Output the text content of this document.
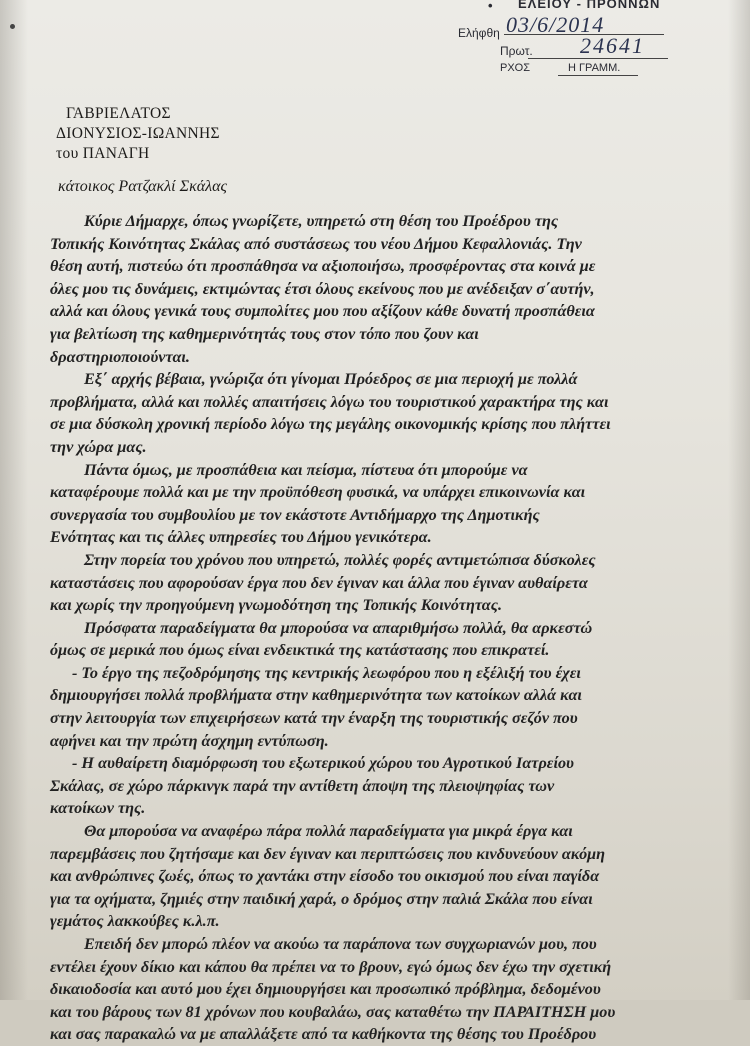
• ΕΛΕΙΟΥ - ΠΡΟΝΝΩΝ
Ελήφθη 03/6/2014
Πρωτ. 24641
ΡΧΟΣ	Η ΓΡΑΜΜ.
ΓΑΒΡΙΕΛΑΤΟΣ
ΔΙΟΝΥΣΙΟΣ-ΙΩΑΝΝΗΣ
του ΠΑΝΑΓΗ
κάτοικος Ρατζακλί Σκάλας
Κύριε Δήμαρχε, όπως γνωρίζετε, υπηρετώ στη θέση του Προέδρου της
Τοπικής Κοινότητας Σκάλας από συστάσεως του νέου Δήμου Κεφαλλονιάς. Την
θέση αυτή, πιστεύω ότι προσπάθησα να αξιοποιήσω, προσφέροντας στα κοινά με
όλες μου τις δυνάμεις, εκτιμώντας έτσι όλους εκείνους που με ανέδειξαν σ΄αυτήν,
αλλά και όλους γενικά τους συμπολίτες μου που αξίζουν κάθε δυνατή προσπάθεια
για βελτίωση της καθημερινότητάς τους στον τόπο που ζουν και
δραστηριοποιούνται.
Εξ΄ αρχής βέβαια, γνώριζα ότι γίνομαι Πρόεδρος σε μια περιοχή με πολλά
προβλήματα, αλλά και πολλές απαιτήσεις λόγω του τουριστικού χαρακτήρα της και
σε μια δύσκολη χρονική περίοδο λόγω της μεγάλης οικονομικής κρίσης που πλήττει
την χώρα μας.
Πάντα όμως, με προσπάθεια και πείσμα, πίστευα ότι μπορούμε να
καταφέρουμε πολλά και με την προϋπόθεση φυσικά, να υπάρχει επικοινωνία και
συνεργασία του συμβουλίου με τον εκάστοτε Αντιδήμαρχο της Δημοτικής
Ενότητας και τις άλλες υπηρεσίες του Δήμου γενικότερα.
Στην πορεία του χρόνου που υπηρετώ, πολλές φορές αντιμετώπισα δύσκολες
καταστάσεις που αφορούσαν έργα που δεν έγιναν και άλλα που έγιναν αυθαίρετα
και χωρίς την προηγούμενη γνωμοδότηση της Τοπικής Κοινότητας.
Πρόσφατα παραδείγματα θα μπορούσα να απαριθμήσω πολλά, θα αρκεστώ
όμως σε μερικά που όμως είναι ενδεικτικά της κατάστασης που επικρατεί.
- Το έργο της πεζοδρόμησης της κεντρικής λεωφόρου που η εξέλιξή του έχει
δημιουργήσει πολλά προβλήματα στην καθημερινότητα των κατοίκων αλλά και
στην λειτουργία των επιχειρήσεων κατά την έναρξη της τουριστικής σεζόν που
αφήνει και την πρώτη άσχημη εντύπωση.
- Η αυθαίρετη διαμόρφωση του εξωτερικού χώρου του Αγροτικού Ιατρείου
Σκάλας, σε χώρο πάρκινγκ παρά την αντίθετη άποψη της πλειοψηφίας των
κατοίκων της.
Θα μπορούσα να αναφέρω πάρα πολλά παραδείγματα για μικρά έργα και
παρεμβάσεις που ζητήσαμε και δεν έγιναν και περιπτώσεις που κινδυνεύουν ακόμη
και ανθρώπινες ζωές, όπως το χαντάκι στην είσοδο του οικισμού που είναι παγίδα
για τα οχήματα, ζημιές στην παιδική χαρά, ο δρόμος στην παλιά Σκάλα που είναι
γεμάτος λακκούβες κ.λ.π.
Επειδή δεν μπορώ πλέον να ακούω τα παράπονα των συγχωριανών μου, που
εντέλει έχουν δίκιο και κάπου θα πρέπει να το βρουν, εγώ όμως δεν έχω την σχετική
δικαιοδοσία και αυτό μου έχει δημιουργήσει και προσωπικό πρόβλημα, δεδομένου
και του βάρους των 81 χρόνων που κουβαλάω, σας καταθέτω την ΠΑΡΑΙΤΗΣΗ μου
και σας παρακαλώ να με απαλλάξετε από τα καθήκοντα της θέσης του Προέδρου
